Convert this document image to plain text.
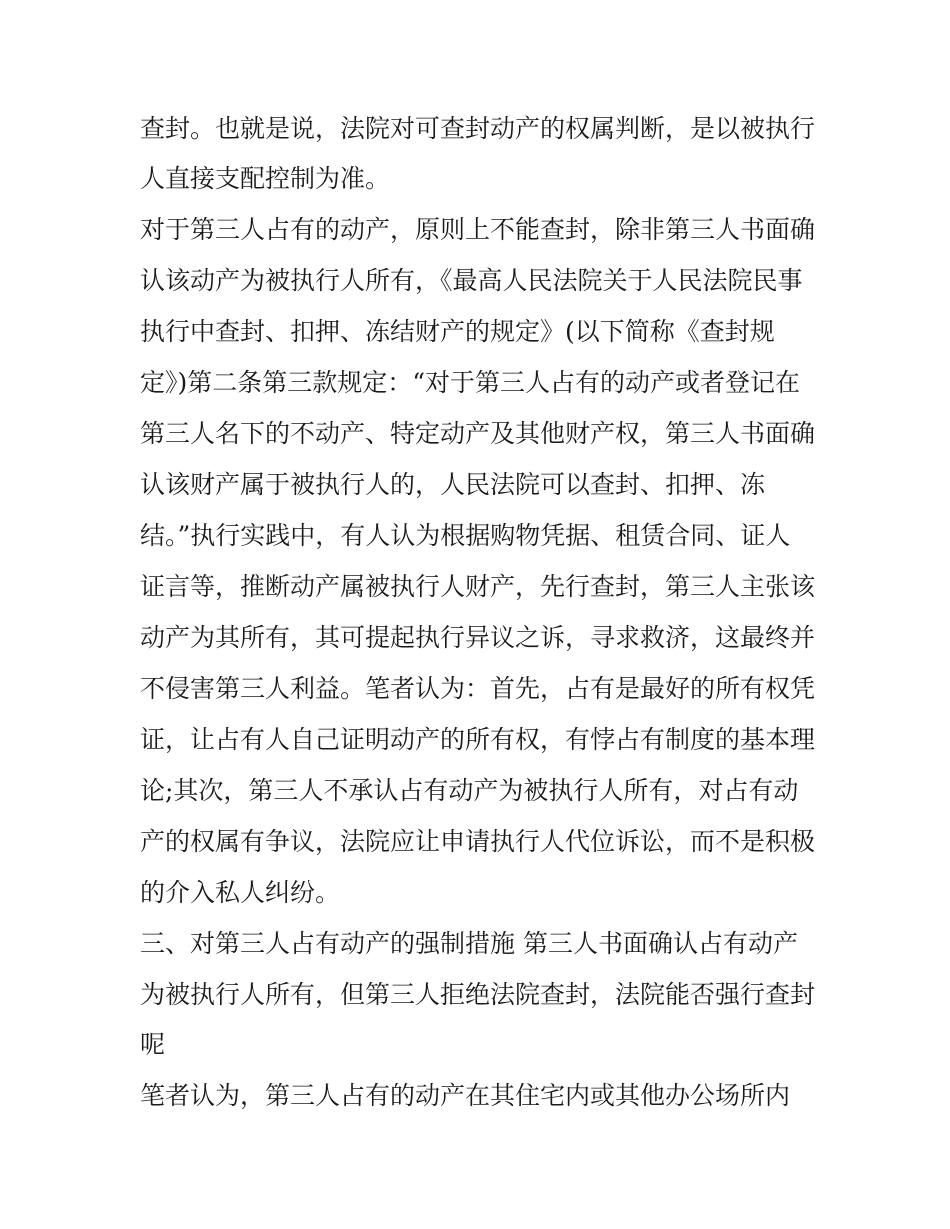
查封。也就是说，法院对可查封动产的权属判断，是以被执行
人直接支配控制为准。
对于第三人占有的动产，原则上不能查封，除非第三人书面确
认该动产为被执行人所有，《最高人民法院关于人民法院民事
执行中查封、扣押、冻结财产的规定》(以下简称《查封规
定》)第二条第三款规定：“对于第三人占有的动产或者登记在
第三人名下的不动产、特定动产及其他财产权，第三人书面确
认该财产属于被执行人的，人民法院可以查封、扣押、冻
结。”执行实践中，有人认为根据购物凭据、租赁合同、证人
证言等，推断动产属被执行人财产，先行查封，第三人主张该
动产为其所有，其可提起执行异议之诉，寻求救济，这最终并
不侵害第三人利益。笔者认为：首先，占有是最好的所有权凭
证，让占有人自己证明动产的所有权，有悖占有制度的基本理
论;其次，第三人不承认占有动产为被执行人所有，对占有动
产的权属有争议，法院应让申请执行人代位诉讼，而不是积极
的介入私人纠纷。
三、对第三人占有动产的强制措施 第三人书面确认占有动产
为被执行人所有，但第三人拒绝法院查封，法院能否强行查封
呢
笔者认为，第三人占有的动产在其住宅内或其他办公场所内
